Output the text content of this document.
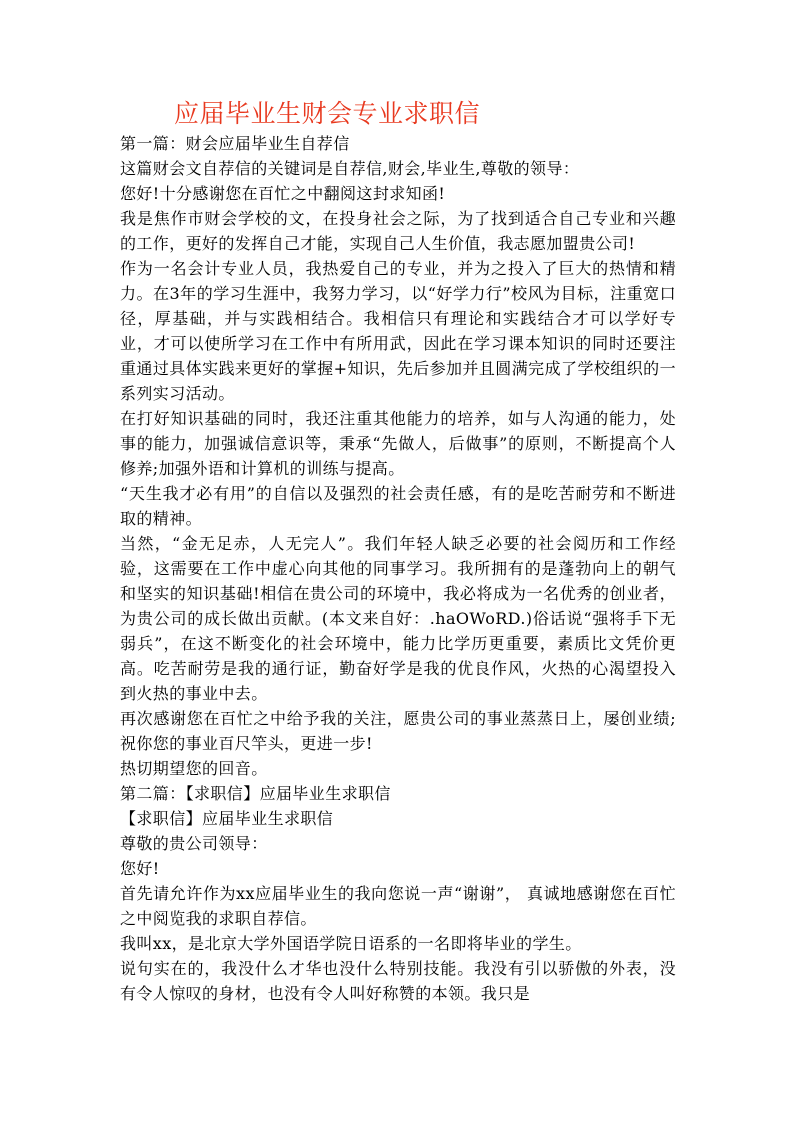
应届毕业生财会专业求职信

第一篇：财会应届毕业生自荐信

这篇财会文自荐信的关键词是自荐信,财会,毕业生,尊敬的领导：

您好!十分感谢您在百忙之中翻阅这封求知函!

我是焦作市财会学校的文，在投身社会之际，为了找到适合自己专业和兴趣的工作，更好的发挥自己才能，实现自己人生价值，我志愿加盟贵公司!

作为一名会计专业人员，我热爱自己的专业，并为之投入了巨大的热情和精力。在3年的学习生涯中，我努力学习，以“好学力行”校风为目标，注重宽口径，厚基础，并与实践相结合。我相信只有理论和实践结合才可以学好专业，才可以使所学习在工作中有所用武，因此在学习课本知识的同时还要注重通过具体实践来更好的掌握+知识，先后参加并且圆满完成了学校组织的一系列实习活动。

在打好知识基础的同时，我还注重其他能力的培养，如与人沟通的能力，处事的能力，加强诚信意识等，秉承“先做人，后做事”的原则，不断提高个人修养;加强外语和计算机的训练与提高。

“天生我才必有用”的自信以及强烈的社会责任感，有的是吃苦耐劳和不断进取的精神。

当然，“金无足赤，人无完人”。我们年轻人缺乏必要的社会阅历和工作经验，这需要在工作中虚心向其他的同事学习。我所拥有的是蓬勃向上的朝气和坚实的知识基础!相信在贵公司的环境中，我必将成为一名优秀的创业者，为贵公司的成长做出贡献。(本文来自好：.haOWoRD.)俗话说“强将手下无弱兵”，在这不断变化的社会环境中，能力比学历更重要，素质比文凭价更高。吃苦耐劳是我的通行证，勤奋好学是我的优良作风，火热的心渴望投入到火热的事业中去。

再次感谢您在百忙之中给予我的关注，愿贵公司的事业蒸蒸日上，屡创业绩;祝你您的事业百尺竿头，更进一步!

热切期望您的回音。

第二篇：【求职信】应届毕业生求职信

【求职信】应届毕业生求职信

尊敬的贵公司领导：

您好!

首先请允许作为xx应届毕业生的我向您说一声“谢谢”， 真诚地感谢您在百忙之中阅览我的求职自荐信。

我叫xx，是北京大学外国语学院日语系的一名即将毕业的学生。

说句实在的，我没什么才华也没什么特别技能。我没有引以骄傲的外表，没有令人惊叹的身材，也没有令人叫好称赞的本领。我只是
